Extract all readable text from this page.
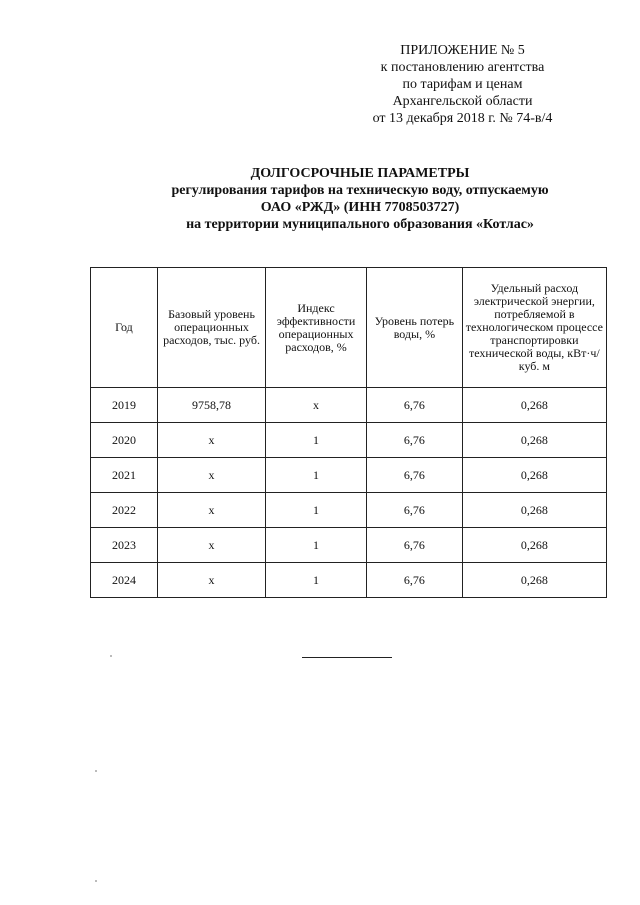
ПРИЛОЖЕНИЕ № 5
к постановлению агентства
по тарифам и ценам
Архангельской области
от 13 декабря 2018 г. № 74-в/4
ДОЛГОСРОЧНЫЕ ПАРАМЕТРЫ
регулирования тарифов на техническую воду, отпускаемую
ОАО «РЖД» (ИНН 7708503727)
на территории муниципального образования «Котлас»
Год	Базовый уровень операционных расходов, тыс. руб.	Индекс эффективности операционных расходов, %	Уровень потерь воды, %	Удельный расход электрической энергии, потребляемой в технологическом процессе транспортировки технической воды, кВт·ч/куб. м
2019	9758,78	x	6,76	0,268
2020	x	1	6,76	0,268
2021	x	1	6,76	0,268
2022	x	1	6,76	0,268
2023	x	1	6,76	0,268
2024	x	1	6,76	0,268
